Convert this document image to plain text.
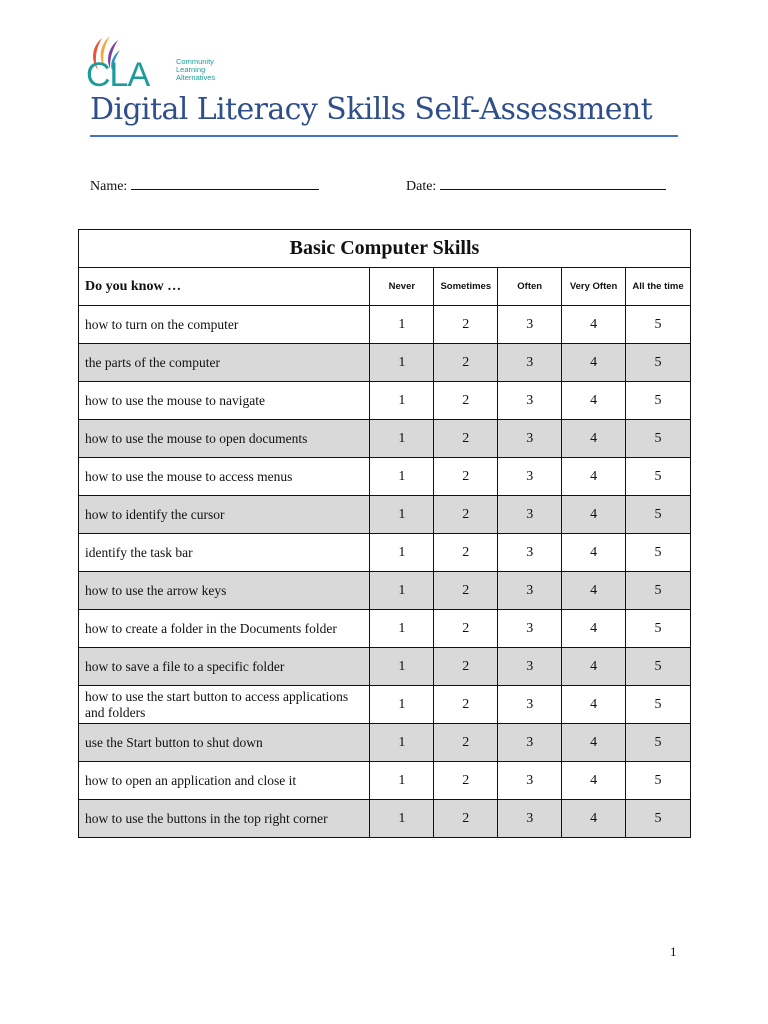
CLA	Community
Learning
Alternatives
Digital Literacy Skills Self-Assessment
Name:	Date:
Basic Computer Skills					
Do you know …	Never	Sometimes	Often	Very Often	All the time
how to turn on the computer	1	2	3	4	5
the parts of the computer	1	2	3	4	5
how to use the mouse to navigate	1	2	3	4	5
how to use the mouse to open documents	1	2	3	4	5
how to use the mouse to access menus	1	2	3	4	5
how to identify the cursor	1	2	3	4	5
identify the task bar	1	2	3	4	5
how to use the arrow keys	1	2	3	4	5
how to create a folder in the Documents folder	1	2	3	4	5
how to save a file to a specific folder	1	2	3	4	5
how to use the start button to access applications and folders	1	2	3	4	5
use the Start button to shut down	1	2	3	4	5
how to open an application and close it	1	2	3	4	5
how to use the buttons in the top right corner	1	2	3	4	5
1
